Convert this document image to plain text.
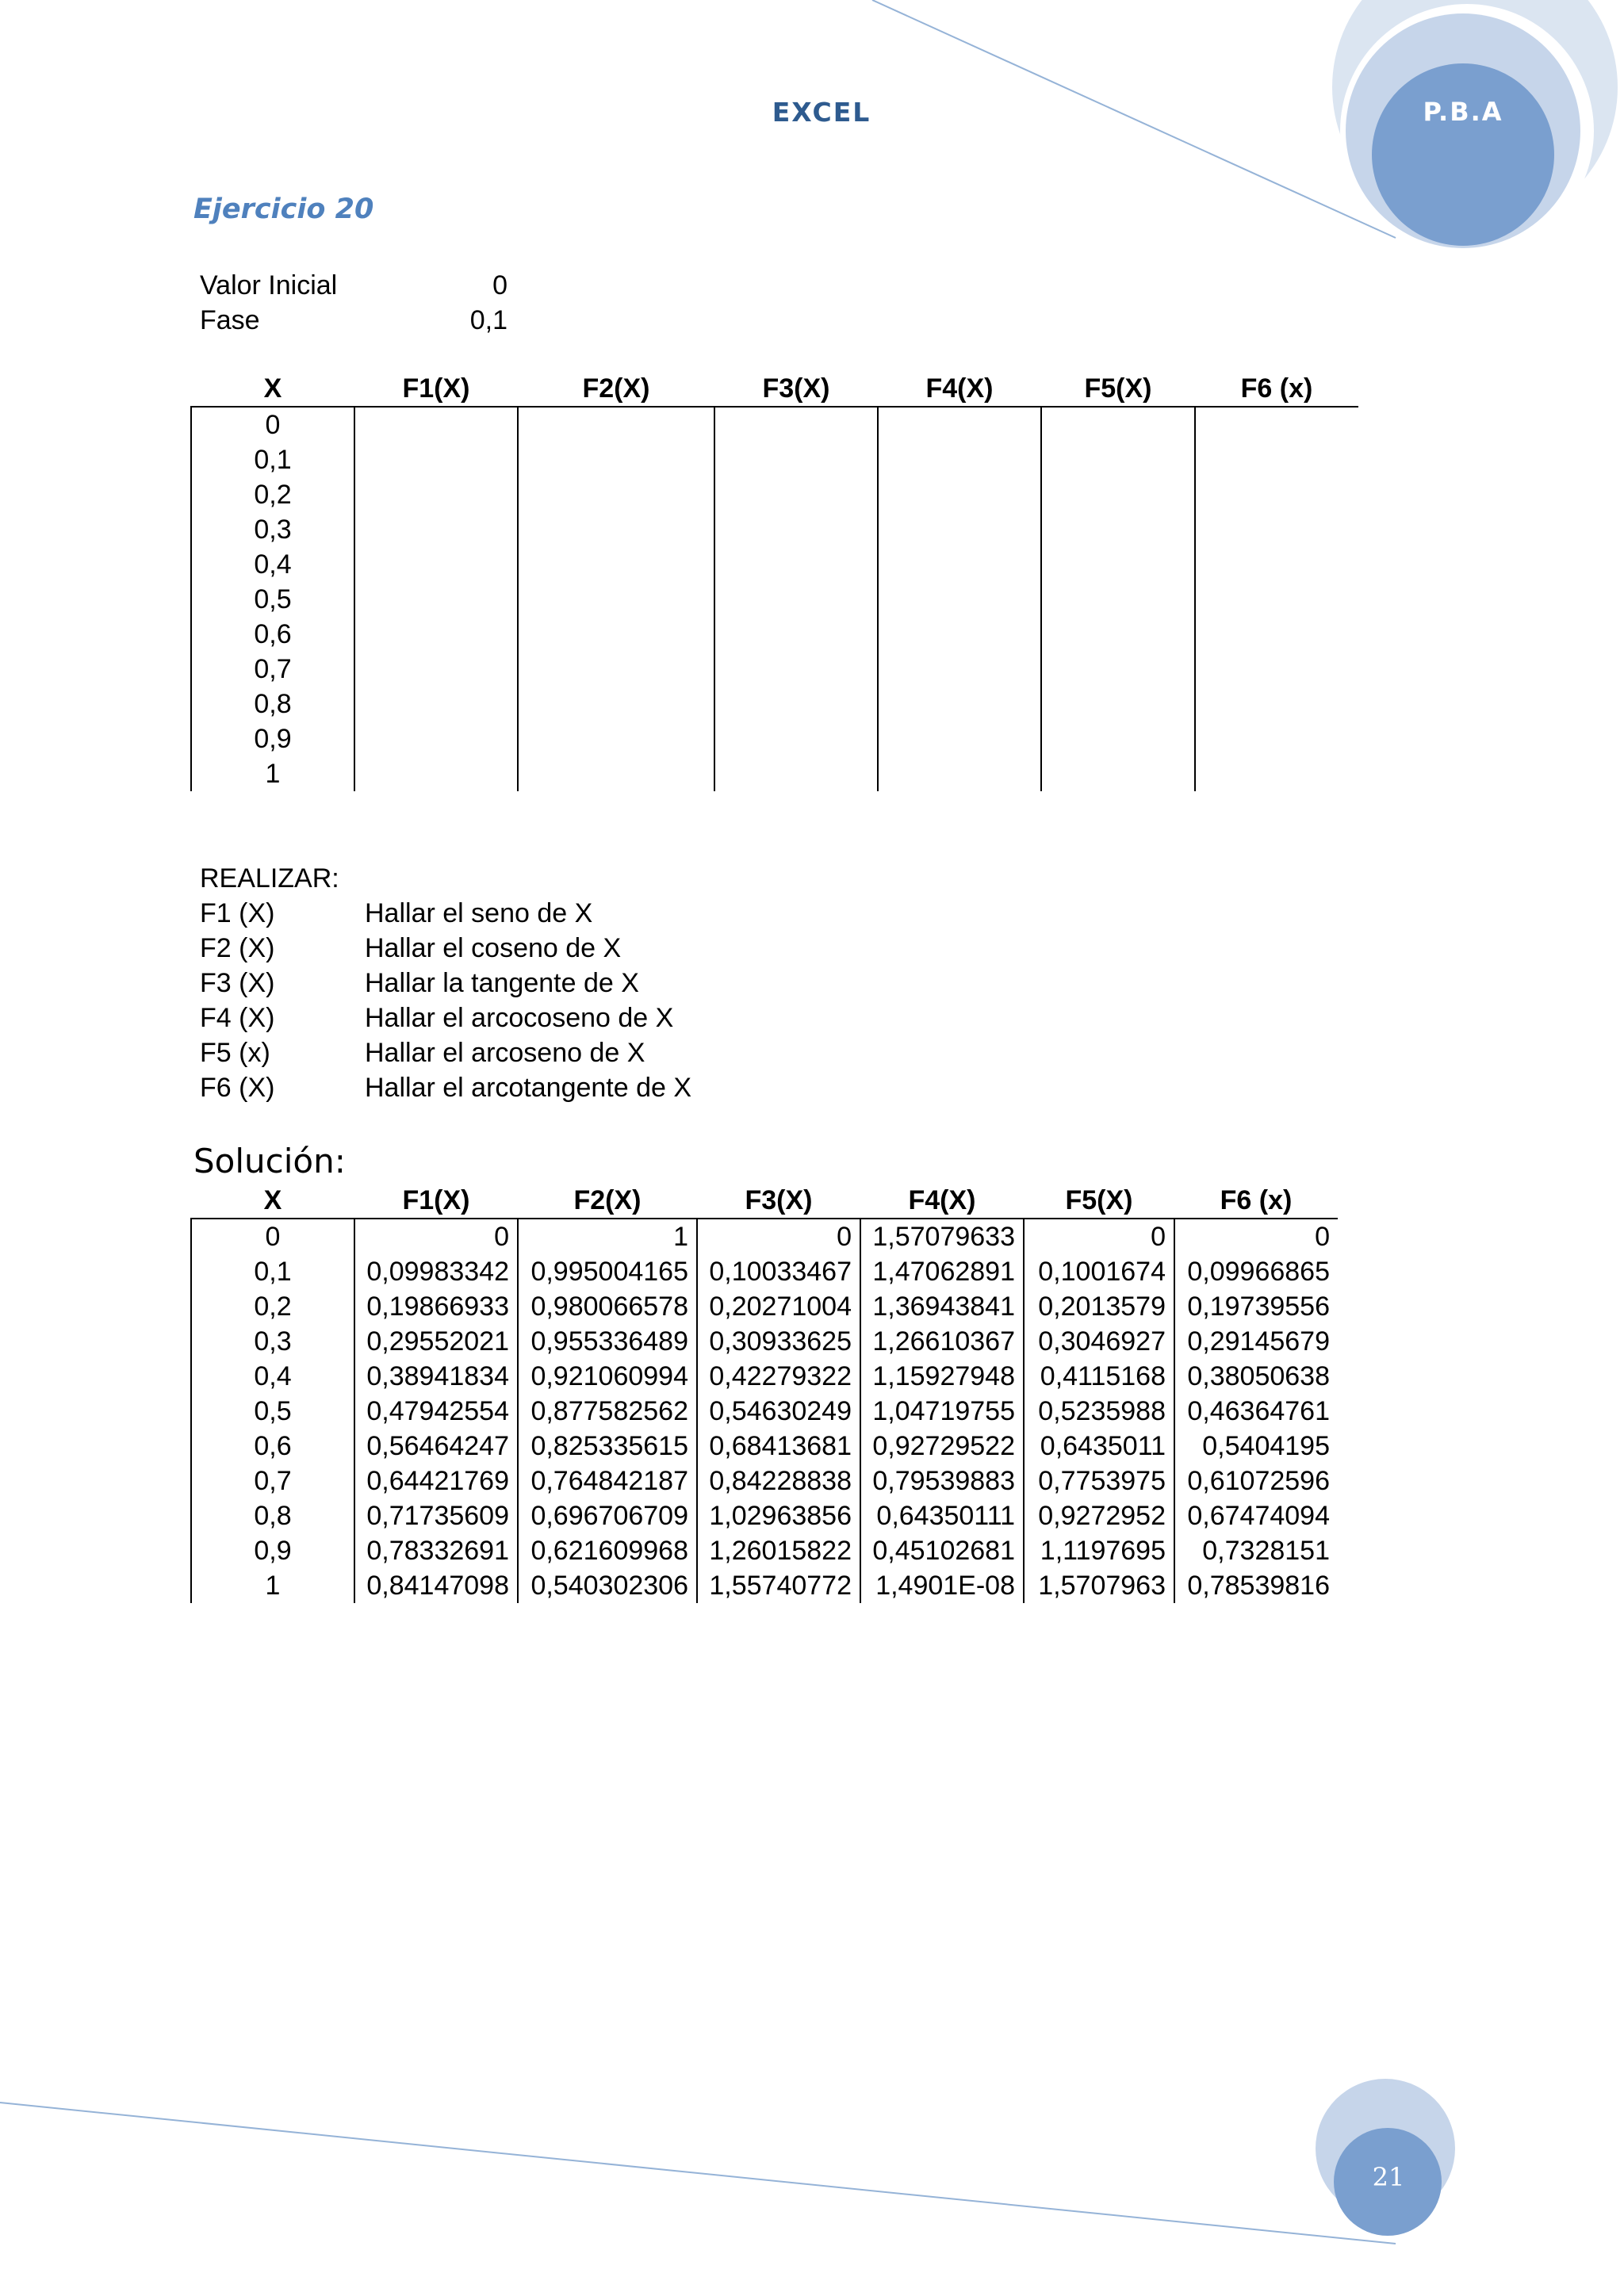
EXCEL	P.B.A
Ejercicio 20
Valor Inicial	0
Fase	0,1
X	F1(X)	F2(X)	F3(X)	F4(X)	F5(X)	F6 (x)
0						
0,1						
0,2						
0,3						
0,4						
0,5						
0,6						
0,7						
0,8						
0,9						
1						
REALIZAR:
F1 (X)	Hallar el seno de X
F2 (X)	Hallar el coseno de X
F3 (X)	Hallar la tangente de X
F4 (X)	Hallar el arcocoseno de X
F5 (x)	Hallar el arcoseno de X
F6 (X)	Hallar el arcotangente de X
Solución:
X	F1(X)	F2(X)	F3(X)	F4(X)	F5(X)	F6 (x)
0	0	1	0	1,57079633	0	0
0,1	0,09983342	0,995004165	0,10033467	1,47062891	0,1001674	0,09966865
0,2	0,19866933	0,980066578	0,20271004	1,36943841	0,2013579	0,19739556
0,3	0,29552021	0,955336489	0,30933625	1,26610367	0,3046927	0,29145679
0,4	0,38941834	0,921060994	0,42279322	1,15927948	0,4115168	0,38050638
0,5	0,47942554	0,877582562	0,54630249	1,04719755	0,5235988	0,46364761
0,6	0,56464247	0,825335615	0,68413681	0,92729522	0,6435011	0,5404195
0,7	0,64421769	0,764842187	0,84228838	0,79539883	0,7753975	0,61072596
0,8	0,71735609	0,696706709	1,02963856	0,64350111	0,9272952	0,67474094
0,9	0,78332691	0,621609968	1,26015822	0,45102681	1,1197695	0,7328151
1	0,84147098	0,540302306	1,55740772	1,4901E-08	1,5707963	0,78539816
21
